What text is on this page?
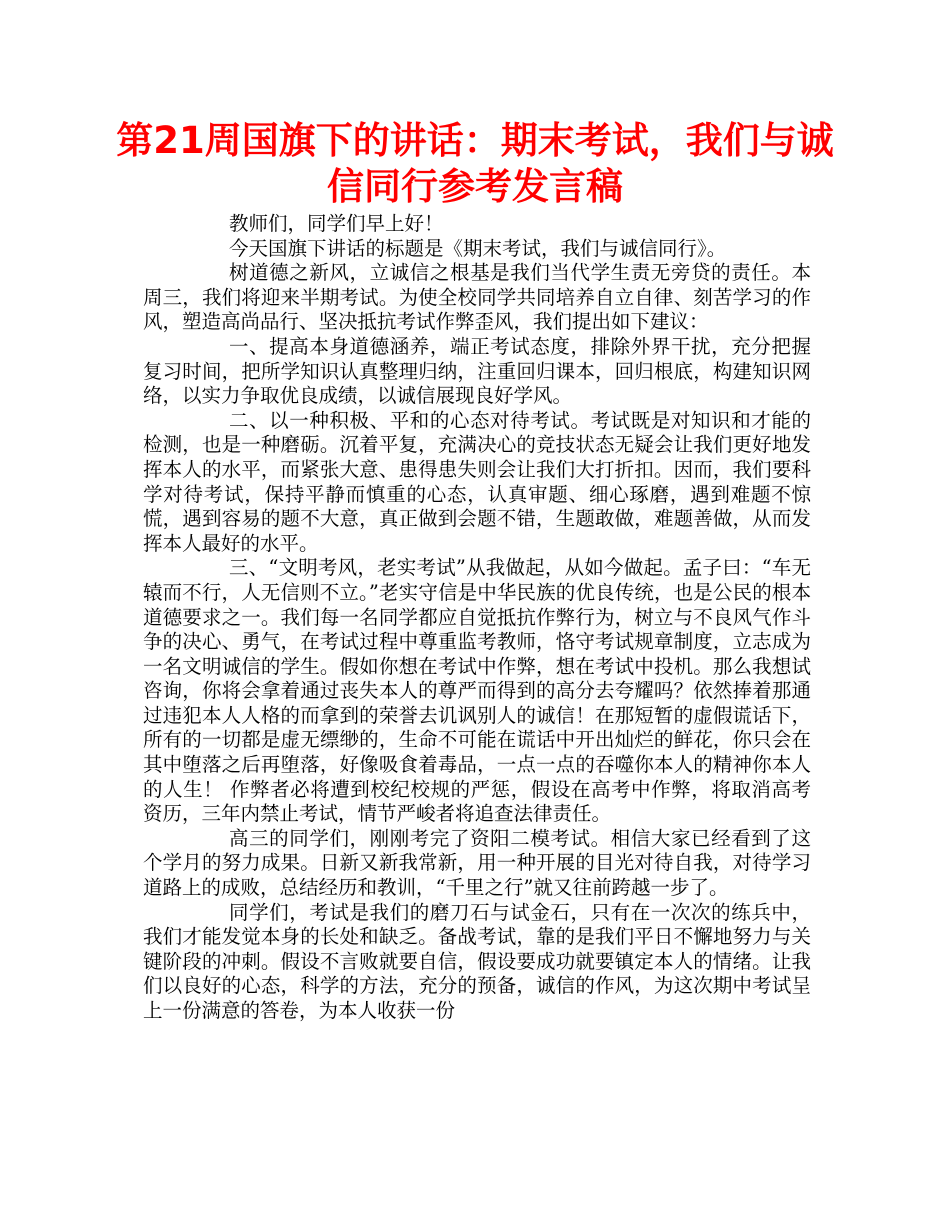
第21周国旗下的讲话：期末考试，我们与诚信同行参考发言稿

教师们，同学们早上好！

今天国旗下讲话的标题是《期末考试，我们与诚信同行》。

树道德之新风，立诚信之根基是我们当代学生责无旁贷的责任。本周三，我们将迎来半期考试。为使全校同学共同培养自立自律、刻苦学习的作风，塑造高尚品行、坚决抵抗考试作弊歪风，我们提出如下建议：

一、提高本身道德涵养，端正考试态度，排除外界干扰，充分把握复习时间，把所学知识认真整理归纳，注重回归课本，回归根底，构建知识网络，以实力争取优良成绩，以诚信展现良好学风。

二、以一种积极、平和的心态对待考试。考试既是对知识和才能的检测，也是一种磨砺。沉着平复，充满决心的竞技状态无疑会让我们更好地发挥本人的水平，而紧张大意、患得患失则会让我们大打折扣。因而，我们要科学对待考试，保持平静而慎重的心态，认真审题、细心琢磨，遇到难题不惊慌，遇到容易的题不大意，真正做到会题不错，生题敢做，难题善做，从而发挥本人最好的水平。

三、“文明考风，老实考试”从我做起，从如今做起。孟子曰：“车无辕而不行，人无信则不立。”老实守信是中华民族的优良传统，也是公民的根本道德要求之一。我们每一名同学都应自觉抵抗作弊行为，树立与不良风气作斗争的决心、勇气，在考试过程中尊重监考教师，恪守考试规章制度，立志成为一名文明诚信的学生。假如你想在考试中作弊，想在考试中投机。那么我想试咨询，你将会拿着通过丧失本人的尊严而得到的高分去夸耀吗？依然捧着那通过违犯本人人格的而拿到的荣誉去讥讽别人的诚信！在那短暂的虚假谎话下，所有的一切都是虚无缥缈的，生命不可能在谎话中开出灿烂的鲜花，你只会在其中堕落之后再堕落，好像吸食着毒品，一点一点的吞噬你本人的精神你本人的人生！ 作弊者必将遭到校纪校规的严惩，假设在高考中作弊，将取消高考资历，三年内禁止考试，情节严峻者将追查法律责任。

高三的同学们，刚刚考完了资阳二模考试。相信大家已经看到了这个学月的努力成果。日新又新我常新，用一种开展的目光对待自我，对待学习道路上的成败，总结经历和教训，“千里之行”就又往前跨越一步了。

同学们，考试是我们的磨刀石与试金石，只有在一次次的练兵中，我们才能发觉本身的长处和缺乏。备战考试，靠的是我们平日不懈地努力与关键阶段的冲刺。假设不言败就要自信，假设要成功就要镇定本人的情绪。让我们以良好的心态，科学的方法，充分的预备，诚信的作风，为这次期中考试呈上一份满意的答卷，为本人收获一份
